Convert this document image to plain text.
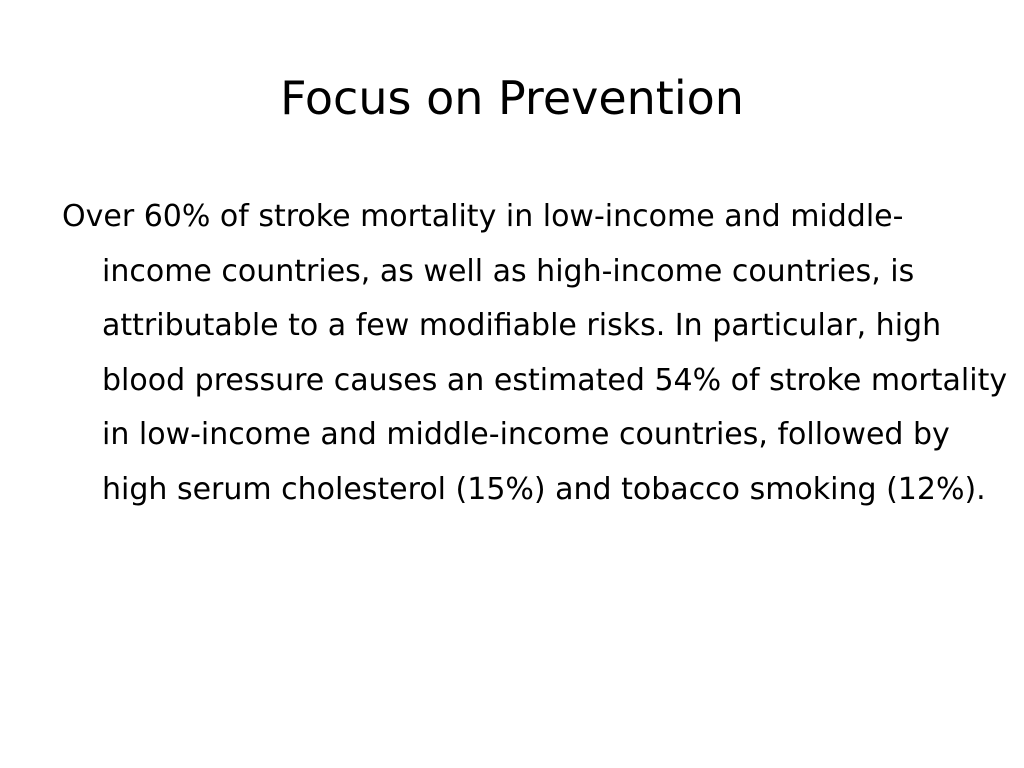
Focus on Prevention

Over 60% of stroke mortality in low-income and middle-income countries, as well as high-income countries, is attributable to a few modifiable risks. In particular, high blood pressure causes an estimated 54% of stroke mortality in low-income and middle-income countries, followed by high serum cholesterol (15%) and tobacco smoking (12%).
